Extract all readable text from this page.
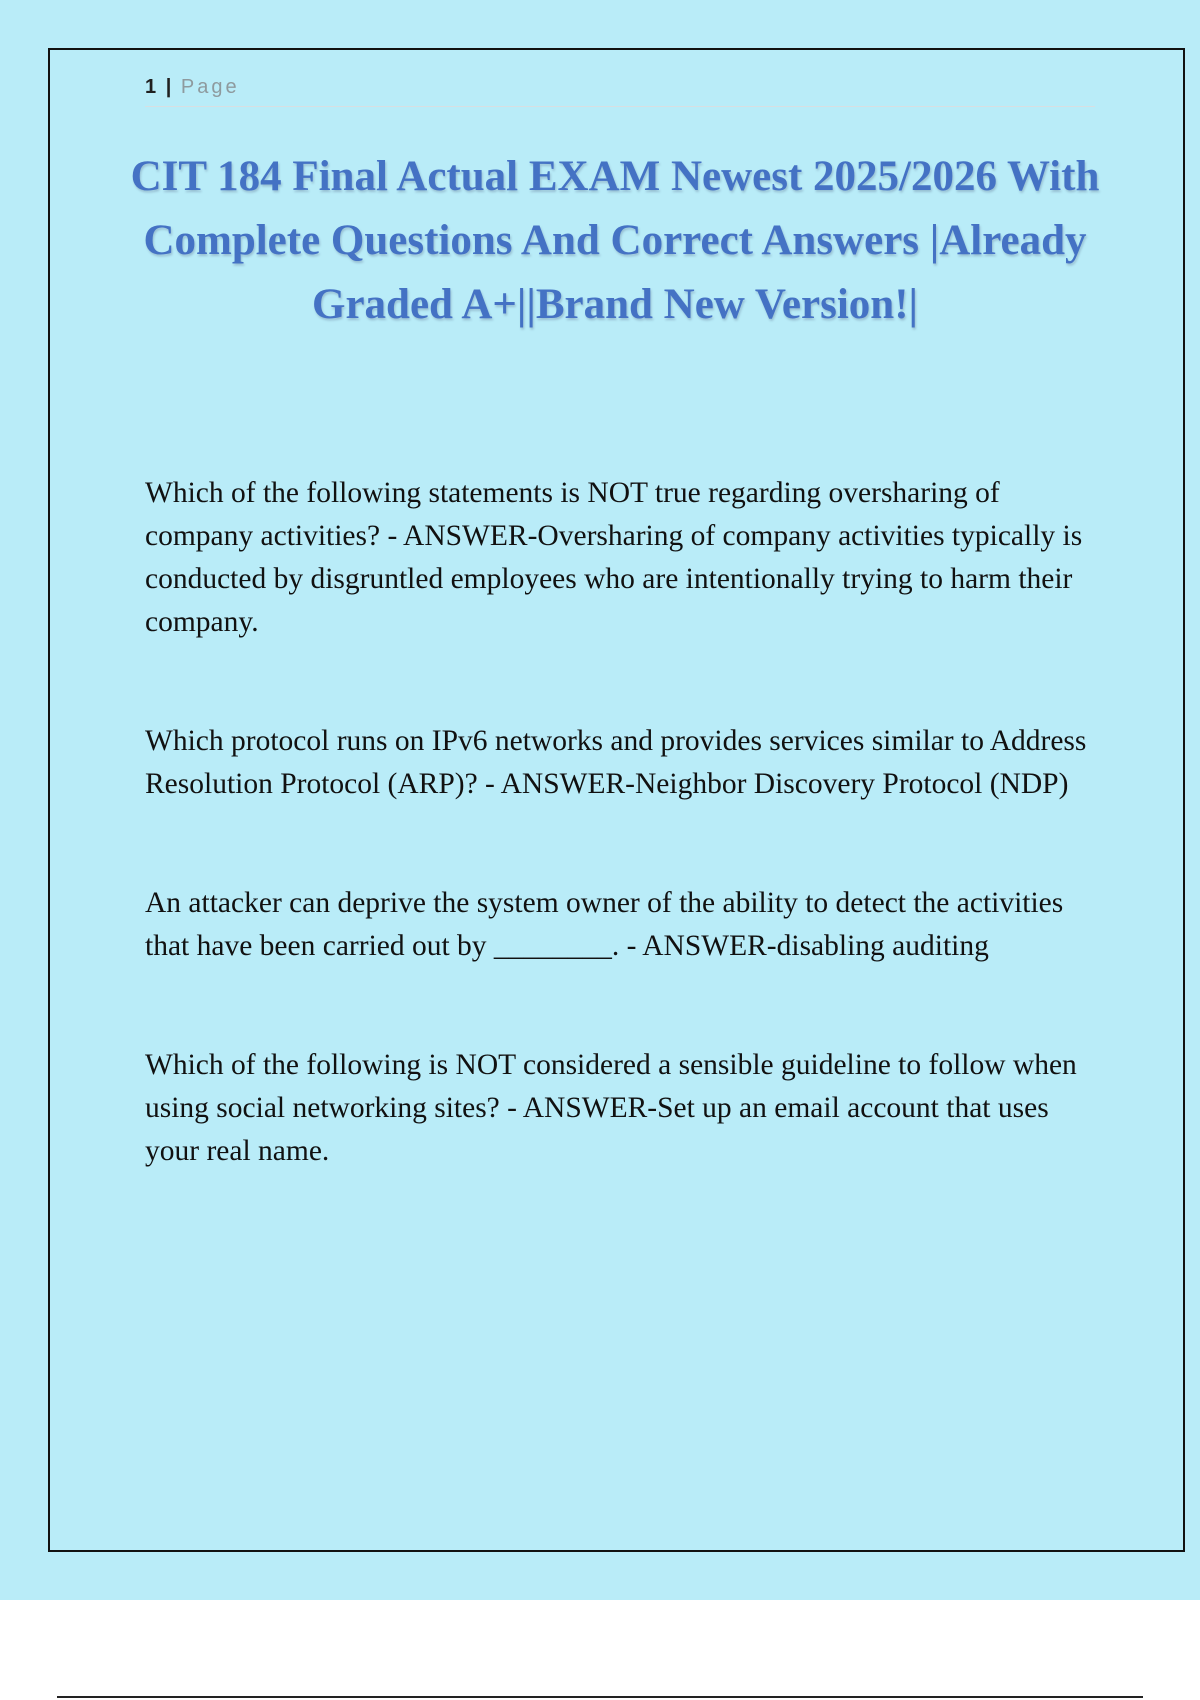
1 | Page
CIT 184 Final Actual EXAM Newest 2025/2026 With Complete Questions And Correct Answers |Already Graded A+||Brand New Version!|

Which of the following statements is NOT true regarding oversharing of company activities? - ANSWER-Oversharing of company activities typically is conducted by disgruntled employees who are intentionally trying to harm their company.

Which protocol runs on IPv6 networks and provides services similar to Address Resolution Protocol (ARP)? - ANSWER-Neighbor Discovery Protocol (NDP)

An attacker can deprive the system owner of the ability to detect the activities that have been carried out by ________. - ANSWER-disabling auditing

Which of the following is NOT considered a sensible guideline to follow when using social networking sites? - ANSWER-Set up an email account that uses your real name.
